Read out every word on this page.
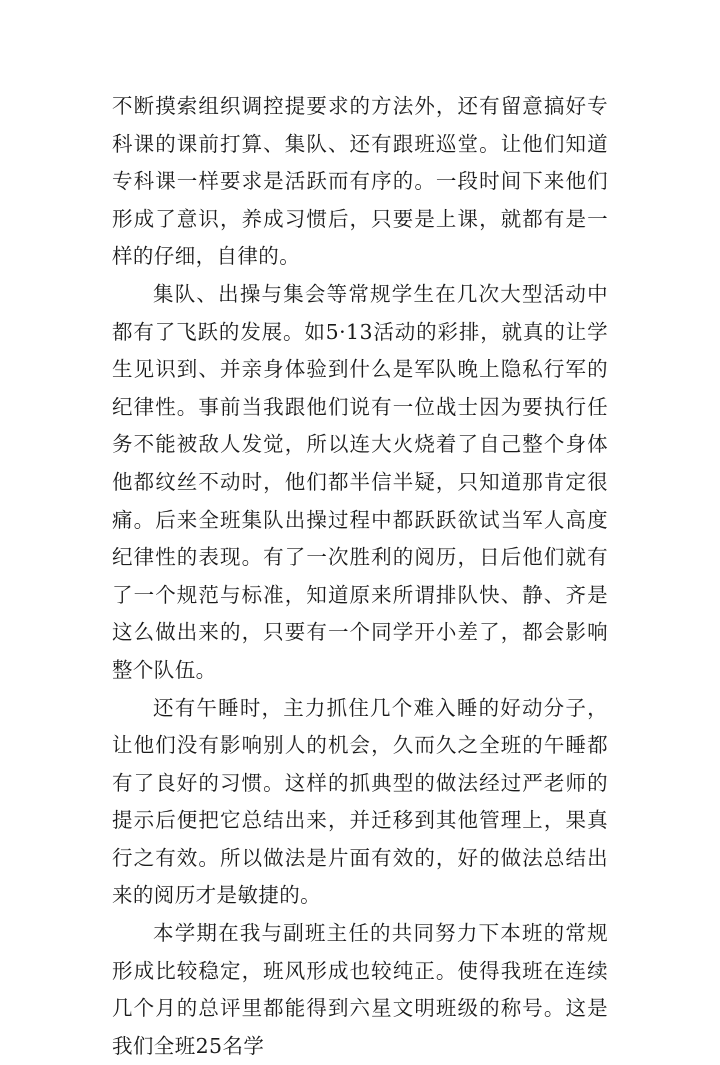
不断摸索组织调控提要求的方法外，还有留意搞好专科课的课前打算、集队、还有跟班巡堂。让他们知道专科课一样要求是活跃而有序的。一段时间下来他们形成了意识，养成习惯后，只要是上课，就都有是一样的仔细，自律的。

集队、出操与集会等常规学生在几次大型活动中都有了飞跃的发展。如5·13活动的彩排，就真的让学生见识到、并亲身体验到什么是军队晚上隐私行军的纪律性。事前当我跟他们说有一位战士因为要执行任务不能被敌人发觉，所以连大火烧着了自己整个身体他都纹丝不动时，他们都半信半疑，只知道那肯定很痛。后来全班集队出操过程中都跃跃欲试当军人高度纪律性的表现。有了一次胜利的阅历，日后他们就有了一个规范与标准，知道原来所谓排队快、静、齐是这么做出来的，只要有一个同学开小差了，都会影响整个队伍。

还有午睡时，主力抓住几个难入睡的好动分子，让他们没有影响别人的机会，久而久之全班的午睡都有了良好的习惯。这样的抓典型的做法经过严老师的提示后便把它总结出来，并迁移到其他管理上，果真行之有效。所以做法是片面有效的，好的做法总结出来的阅历才是敏捷的。

本学期在我与副班主任的共同努力下本班的常规形成比较稳定，班风形成也较纯正。使得我班在连续几个月的总评里都能得到六星文明班级的称号。这是我们全班25名学
